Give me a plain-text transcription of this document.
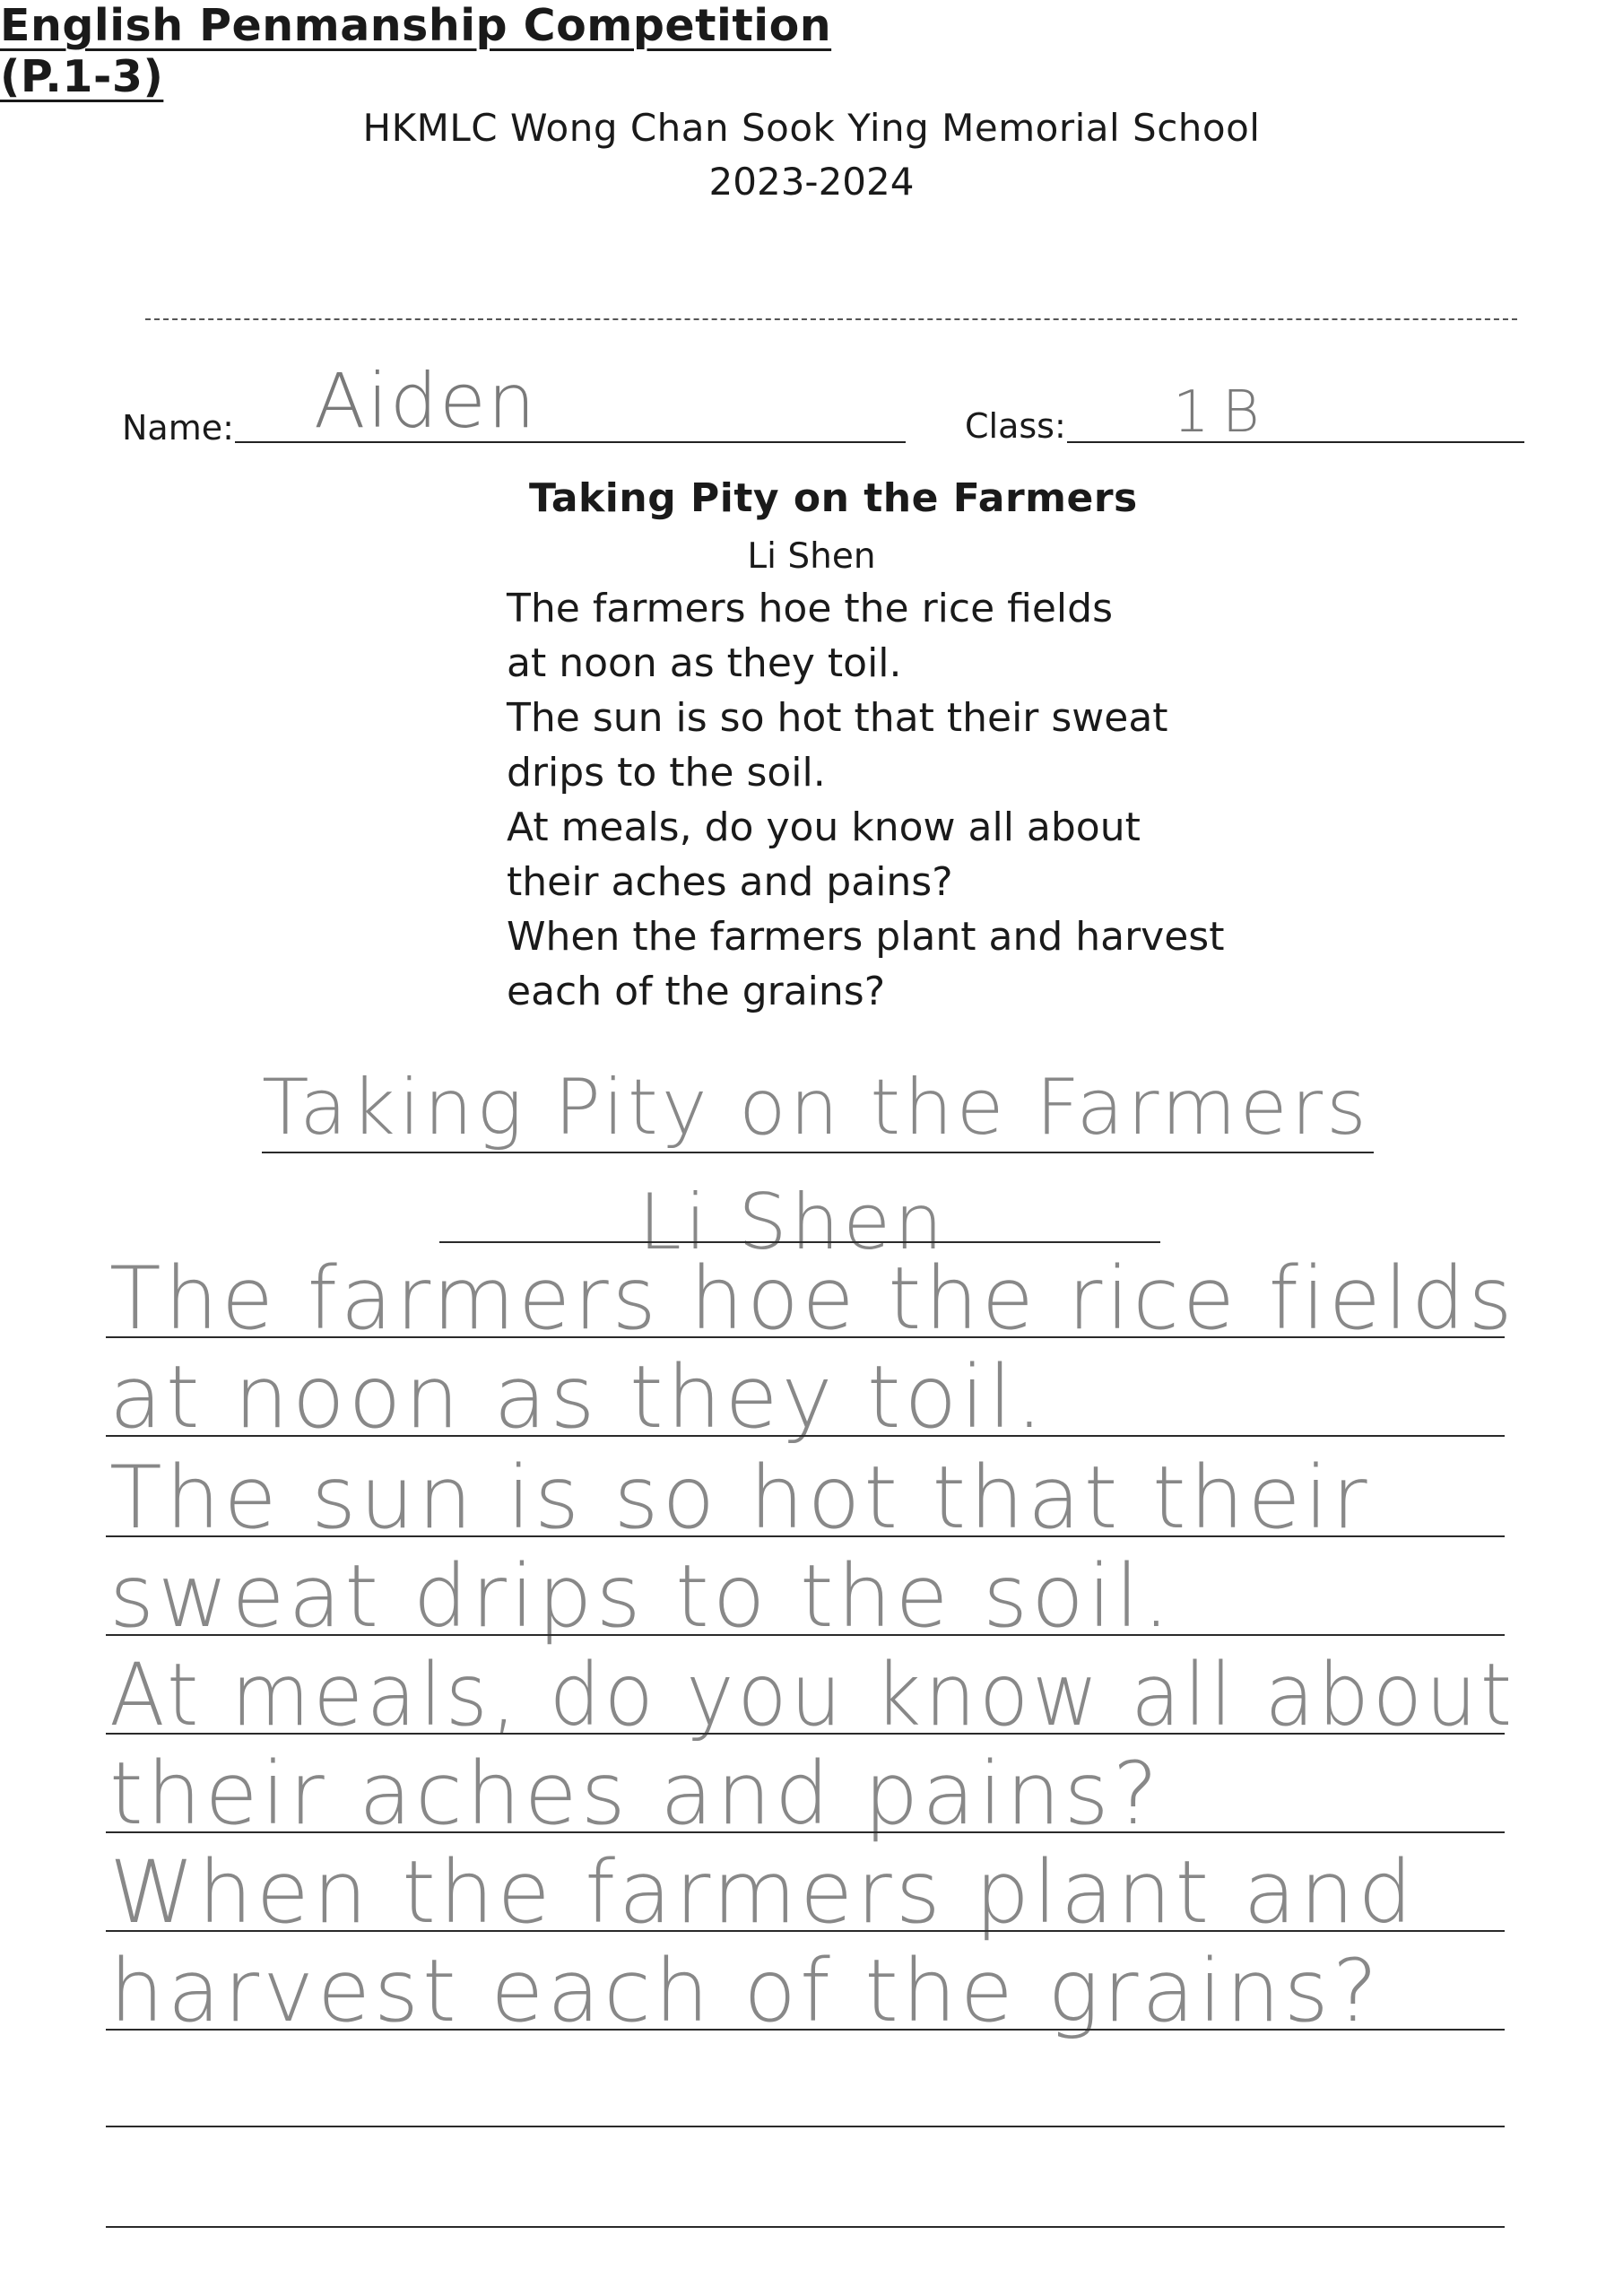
HKMLC Wong Chan Sook Ying Memorial School
2023-2024
English Penmanship Competition (P.1-3)
Name: Aiden	Class: 1B
Taking Pity on the Farmers
Li Shen
The farmers hoe the rice fields
at noon as they toil.
The sun is so hot that their sweat
drips to the soil.
At meals, do you know all about
their aches and pains?
When the farmers plant and harvest
each of the grains?
Taking Pity on the Farmers
Li Shen
The farmers hoe the rice fields
at noon as they toil.
The sun is so hot that their
sweat drips to the soil.
At meals, do you know all about
their aches and pains?
When the farmers plant and
harvest each of the grains?
